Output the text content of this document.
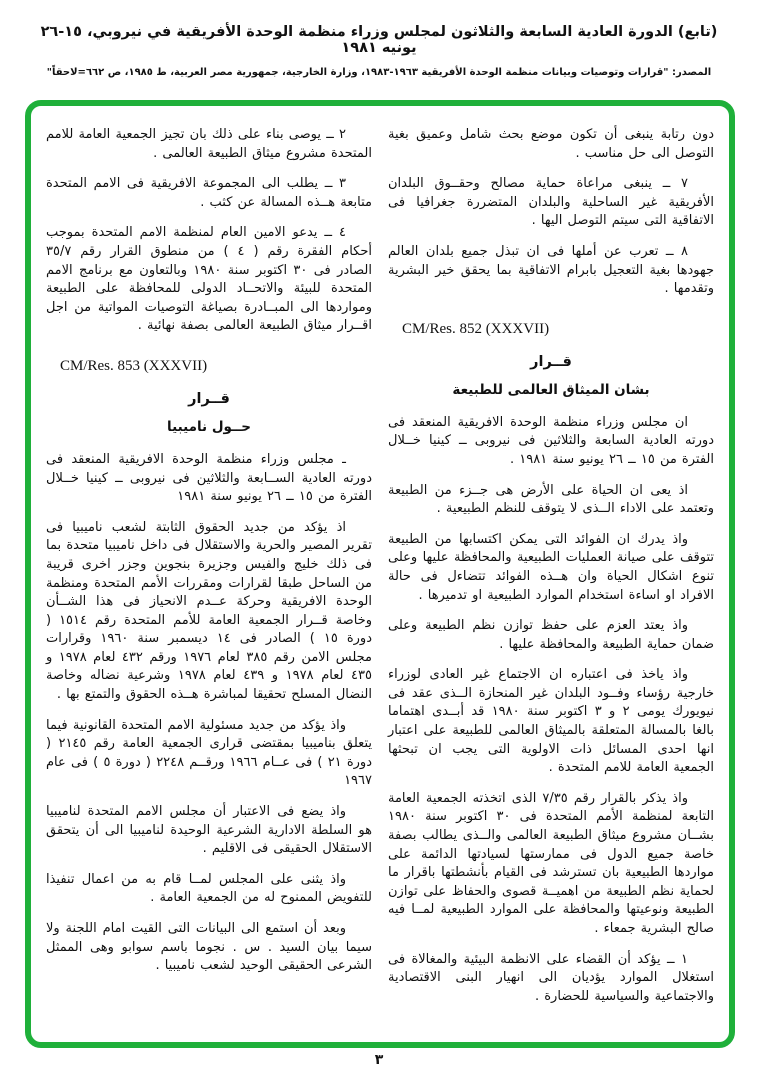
(تابع) الدورة العادية السابعة والثلاثون لمجلس وزراء منظمة الوحدة الأفريقية في نيروبي، ١٥-٢٦ يونيه ١٩٨١
المصدر: "قرارات وتوصيات وبيانات منظمة الوحدة الأفريقية ١٩٦٣-١٩٨٣، وزارة الخارجية، جمهورية مصر العربية، ط ١٩٨٥، ص ٦٦٢=لاحقاً"

دون رتابة ينبغى أن تكون موضع بحث شامل وعميق بغية التوصل الى حل مناسب .

٧ ــ ينبغى مراعاة حماية مصالح وحقــوق البلدان الأفريقية غير الساحلية والبلدان المتضررة جغرافيا فى الاتفاقية التى سيتم التوصل اليها .

٨ ــ تعرب عن أملها فى ان تبذل جميع بلدان العالم جهودها بغية التعجيل بابرام الاتفاقية بما يحقق خير البشرية وتقدمها .

CM/Res. 852 (XXXVII)
قــرار
بشان الميثاق العالمى للطبيعة

ان مجلس وزراء منظمة الوحدة الافريقية المنعقد فى دورته العادية السابعة والثلاثين فى نيروبى ــ كينيا خــلال الفترة من ١٥ ــ ٢٦ يونيو سنة ١٩٨١ .

اذ يعى ان الحياة على الأرض هى جــزء من الطبيعة وتعتمد على الاداء الــذى لا يتوقف للنظم الطبيعية .

واذ يدرك ان الفوائد التى يمكن اكتسابها من الطبيعة تتوقف على صيانة العمليات الطبيعية والمحافظة عليها وعلى تنوع اشكال الحياة وان هــذه الفوائد تتضاءل فى حالة الافراد او اساءة استخدام الموارد الطبيعية او تدميرها .

واذ يعتد العزم على حفظ توازن نظم الطبيعة وعلى ضمان حماية الطبيعة والمحافظة عليها .

واذ ياخذ فى اعتباره ان الاجتماع غير العادى لوزراء خارجية رؤساء وفــود البلدان غير المنحازة الــذى عقد فى نيويورك يومى ٢ و ٣ اكتوبر سنة ١٩٨٠ قد أبــدى اهتماما بالغا بالمسالة المتعلقة بالميثاق العالمى للطبيعة على اعتبار انها احدى المسائل ذات الاولوية التى يجب ان تبحثها الجمعية العامة للامم المتحدة .

واذ يذكر بالقرار رقم ٧/٣٥ الذى اتخذته الجمعية العامة التابعة لمنظمة الأمم المتحدة فى ٣٠ اكتوبر سنة ١٩٨٠ بشــان مشروع ميثاق الطبيعة العالمى والــذى يطالب بصفة خاصة جميع الدول فى ممارستها لسيادتها الدائمة على مواردها الطبيعية بان تسترشد فى القيام بأنشطتها باقرار ما لحماية نظم الطبيعة من اهميــة قصوى والحفاظ على توازن الطبيعة ونوعيتها والمحافظة على الموارد الطبيعية لمــا فيه صالح البشرية جمعاء .

١ ــ يؤكد أن القضاء على الانظمة البيئية والمغالاة فى استغلال الموارد يؤديان الى انهيار البنى الاقتصادية والاجتماعية والسياسية للحضارة .

٢ ــ يوصى بناء على ذلك بان تجيز الجمعية العامة للامم المتحدة مشروع ميثاق الطبيعة العالمى .

٣ ــ يطلب الى المجموعة الافريقية فى الامم المتحدة متابعة هــذه المسالة عن كثب .

٤ ــ يدعو الامين العام لمنظمة الامم المتحدة بموجب أحكام الفقرة رقم ( ٤ ) من منطوق القرار رقم ٣٥/٧ الصادر فى ٣٠ اكتوبر سنة ١٩٨٠ وبالتعاون مع برنامج الامم المتحدة للبيئة والاتحــاد الدولى للمحافظة على الطبيعة ومواردها الى المبــادرة بصياغة التوصيات المواتية من اجل اقــرار ميثاق الطبيعة العالمى بصفة نهائية .

CM/Res. 853 (XXXVII)
قــرار
حــول ناميبيا

ـ مجلس وزراء منظمة الوحدة الافريقية المنعقد فى دورته العادية الســابعة والثلاثين فى نيروبى ــ كينيا خــلال الفترة من ١٥ ــ ٢٦ يونيو سنة ١٩٨١

اذ يؤكد من جديد الحقوق الثابتة لشعب ناميبيا فى تقرير المصير والحرية والاستقلال فى داخل ناميبيا متحدة بما فى ذلك خليج والفيس وجزيرة بنجوين وجزر اخرى قريبة من الساحل طبقا لقرارات ومقررات الأمم المتحدة ومنظمة الوحدة الافريقية وحركة عــدم الانحياز فى هذا الشــأن وخاصة قــرار الجمعية العامة للأمم المتحدة رقم ١٥١٤ ( دورة ١٥ ) الصادر فى ١٤ ديسمبر سنة ١٩٦٠ وقرارات مجلس الامن رقم ٣٨٥ لعام ١٩٧٦ ورقم ٤٣٢ لعام ١٩٧٨ و ٤٣٥ لعام ١٩٧٨ و ٤٣٩ لعام ١٩٧٨ وشرعية نضاله وخاصة النضال المسلح تحقيقا لمباشرة هــذه الحقوق والتمتع بها .

واذ يؤكد من جديد مسئولية الامم المتحدة القانونية فيما يتعلق بناميبيا بمقتضى قرارى الجمعية العامة رقم ٢١٤٥ ( دورة ٢١ ) فى عــام ١٩٦٦ ورقــم ٢٢٤٨ ( دورة ٥ ) فى عام ١٩٦٧

واذ يضع فى الاعتبار أن مجلس الامم المتحدة لناميبيا هو السلطة الادارية الشرعية الوحيدة لناميبيا الى أن يتحقق الاستقلال الحقيقى فى الاقليم .

واذ يثنى على المجلس لمــا قام به من اعمال تنفيذا للتفويض الممنوح له من الجمعية العامة .

وبعد أن استمع الى البيانات التى القيت امام اللجنة ولا سيما بيان السيد . س . نجوما باسم سوابو وهى الممثل الشرعى الحقيقى الوحيد لشعب ناميبيا .

٣
